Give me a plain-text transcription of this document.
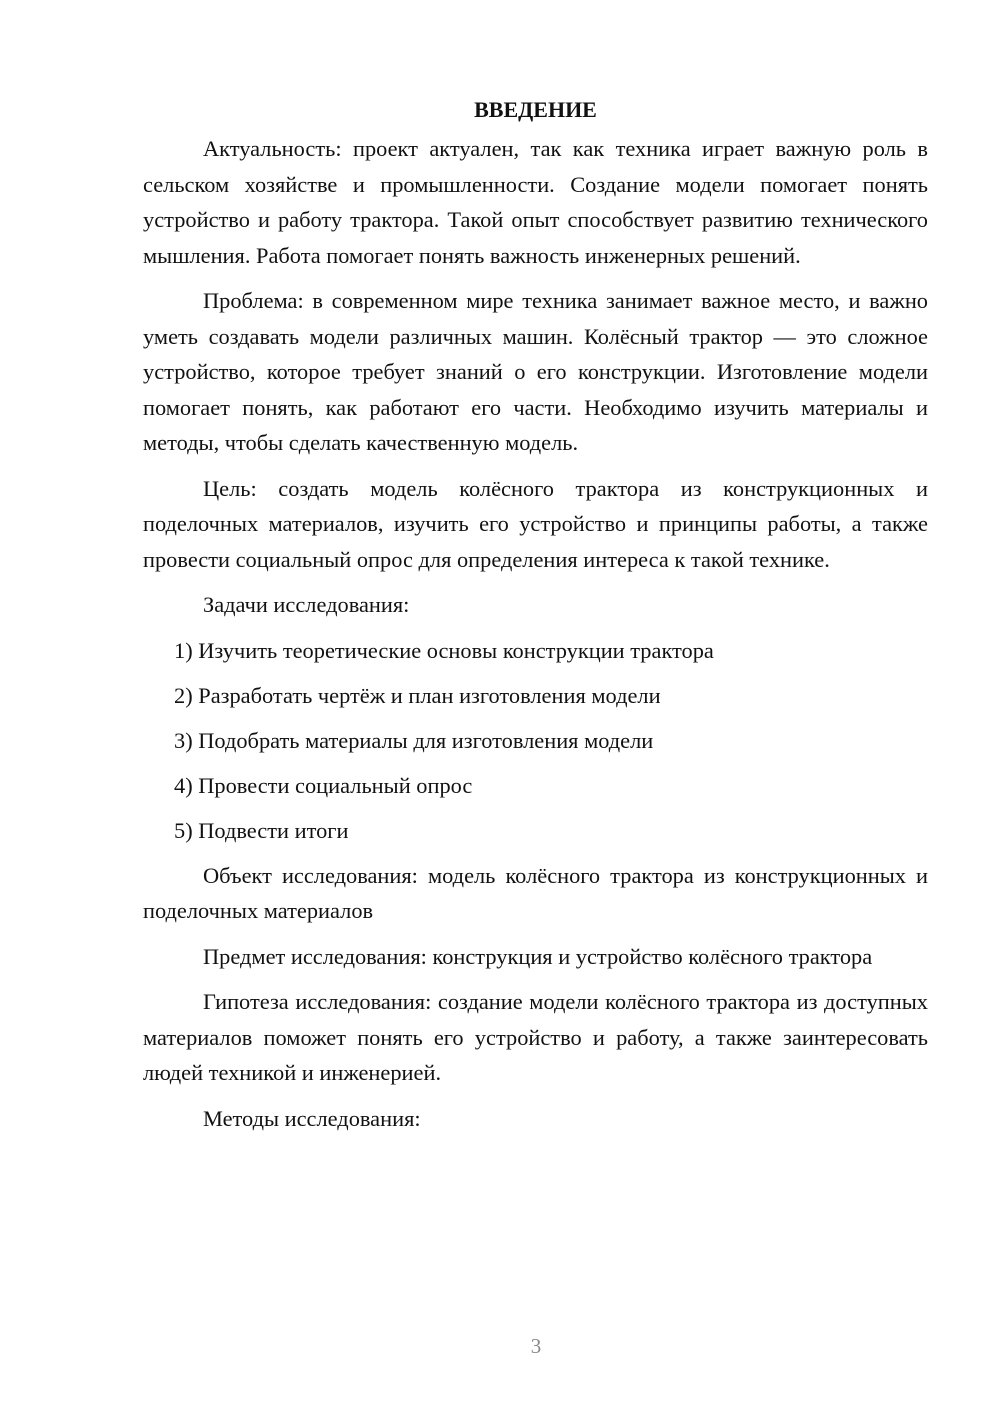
ВВЕДЕНИЕ

Актуальность: проект актуален, так как техника играет важную роль в сельском хозяйстве и промышленности. Создание модели помогает понять устройство и работу трактора. Такой опыт способствует развитию технического мышления. Работа помогает понять важность инженерных решений.

Проблема: в современном мире техника занимает важное место, и важно уметь создавать модели различных машин. Колёсный трактор — это сложное устройство, которое требует знаний о его конструкции. Изготовление модели помогает понять, как работают его части. Необходимо изучить материалы и методы, чтобы сделать качественную модель.

Цель: создать модель колёсного трактора из конструкционных и поделочных материалов, изучить его устройство и принципы работы, а также провести социальный опрос для определения интереса к такой технике.

Задачи исследования:

1) Изучить теоретические основы конструкции трактора

2) Разработать чертёж и план изготовления модели

3) Подобрать материалы для изготовления модели

4) Провести социальный опрос

5) Подвести итоги

Объект исследования: модель колёсного трактора из конструкционных и поделочных материалов

Предмет исследования: конструкция и устройство колёсного трактора

Гипотеза исследования: создание модели колёсного трактора из доступных материалов поможет понять его устройство и работу, а также заинтересовать людей техникой и инженерией.

Методы исследования:

3
